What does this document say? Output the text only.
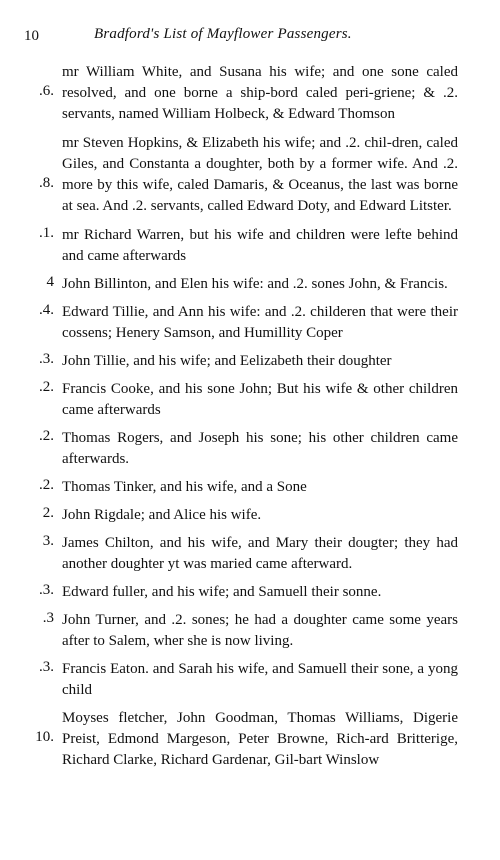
10	Bradford's List of Mayflower Passengers.
.6.
mr William White, and Susana his wife; and one sone caled resolved, and one borne a ship-bord caled peri-griene; & .2. servants, named William Holbeck, & Edward Thomson
.8.
mr Steven Hopkins, & Elizabeth his wife; and .2. chil-dren, caled Giles, and Constanta a doughter, both by a former wife. And .2. more by this wife, caled Damaris, & Oceanus, the last was borne at sea. And .2. servants, called Edward Doty, and Edward Litster.
.1. mr Richard Warren, but his wife and children were lefte behind and came afterwards
4 John Billinton, and Elen his wife: and .2. sones John, & Francis.
.4. Edward Tillie, and Ann his wife: and .2. childeren that were their cossens; Henery Samson, and Humillity Coper
.3. John Tillie, and his wife; and Eelizabeth their doughter
.2. Francis Cooke, and his sone John; But his wife & other children came afterwards
.2. Thomas Rogers, and Joseph his sone; his other children came afterwards.
.2. Thomas Tinker, and his wife, and a Sone
2. John Rigdale; and Alice his wife.
3. James Chilton, and his wife, and Mary their dougter; they had another doughter yt was maried came afterward.
.3. Edward fuller, and his wife; and Samuell their sonne.
.3 John Turner, and .2. sones; he had a doughter came some years after to Salem, wher she is now living.
.3. Francis Eaton. and Sarah his wife, and Samuell their sone, a yong child
10.
Moyses fletcher, John Goodman, Thomas Williams, Digerie Preist, Edmond Margeson, Peter Browne, Rich-ard Britterige, Richard Clarke, Richard Gardenar, Gil-bart Winslow
